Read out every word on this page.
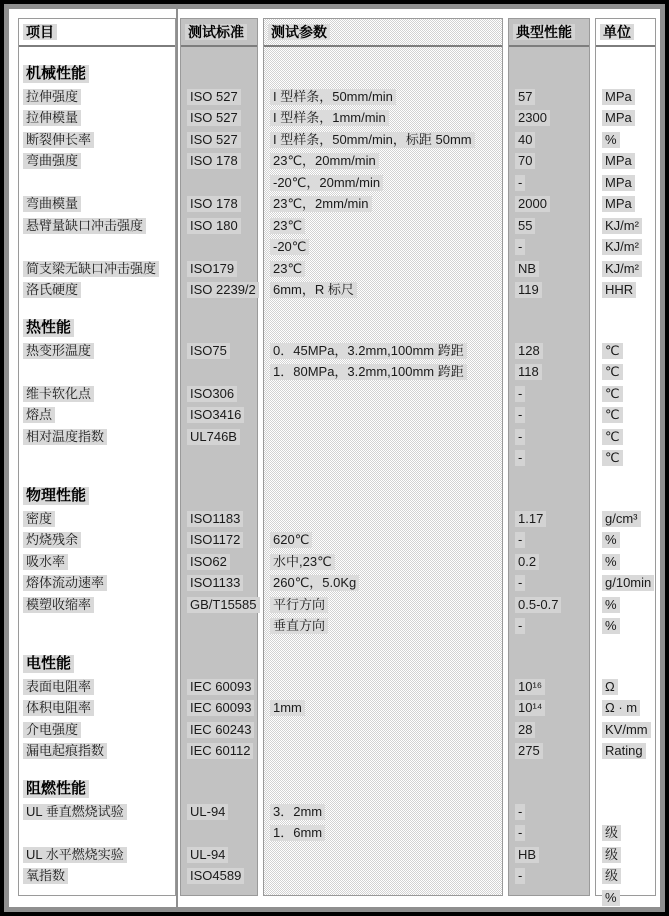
项目
机械性能
拉伸强度
拉伸模量
断裂伸长率
弯曲强度
弯曲模量
悬臂量缺口冲击强度
简支梁无缺口冲击强度
洛氏硬度
热性能
热变形温度
维卡软化点
熔点
相对温度指数
物理性能
密度
灼烧残余
吸水率
熔体流动速率
模塑收缩率
电性能
表面电阻率
体积电阻率
介电强度
漏电起痕指数
阻燃性能
UL 垂直燃烧试验
UL 水平燃烧实验
氧指数
测试标准
ISO 527
ISO 527
ISO 527
ISO 178
ISO 178
ISO 180
ISO179
ISO 2239/2
ISO75
ISO306
ISO3416
UL746B
ISO1183
ISO1172
ISO62
ISO1133
GB/T15585
IEC 60093
IEC 60093
IEC 60243
IEC 60112
UL-94
UL-94
ISO4589
测试参数
I 型样条，50mm/min
I 型样条，1mm/min
I 型样条，50mm/min，标距 50mm
23℃，20mm/min
-20℃，20mm/min
23℃，2mm/min
23℃
-20℃
23℃
6mm，R 标尺
0．45MPa，3.2mm,100mm 跨距
1．80MPa，3.2mm,100mm 跨距
620℃
水中,23℃
260℃，5.0Kg
平行方向
垂直方向
1mm
3．2mm
1．6mm
典型性能
57
2300
40
70
-
2000
55
-
NB
119
128
118
-
-
-
-
1.17
-
0.2
-
0.5-0.7
-
10¹⁶
10¹⁴
28
275
-
-
HB
-
单位
MPa
MPa
%
MPa
MPa
MPa
KJ/m²
KJ/m²
KJ/m²
HHR
℃
℃
℃
℃
℃
℃
g/cm³
%
%
g/10min
%
%
Ω
Ω · m
KV/mm
Rating
级
级
级
%
